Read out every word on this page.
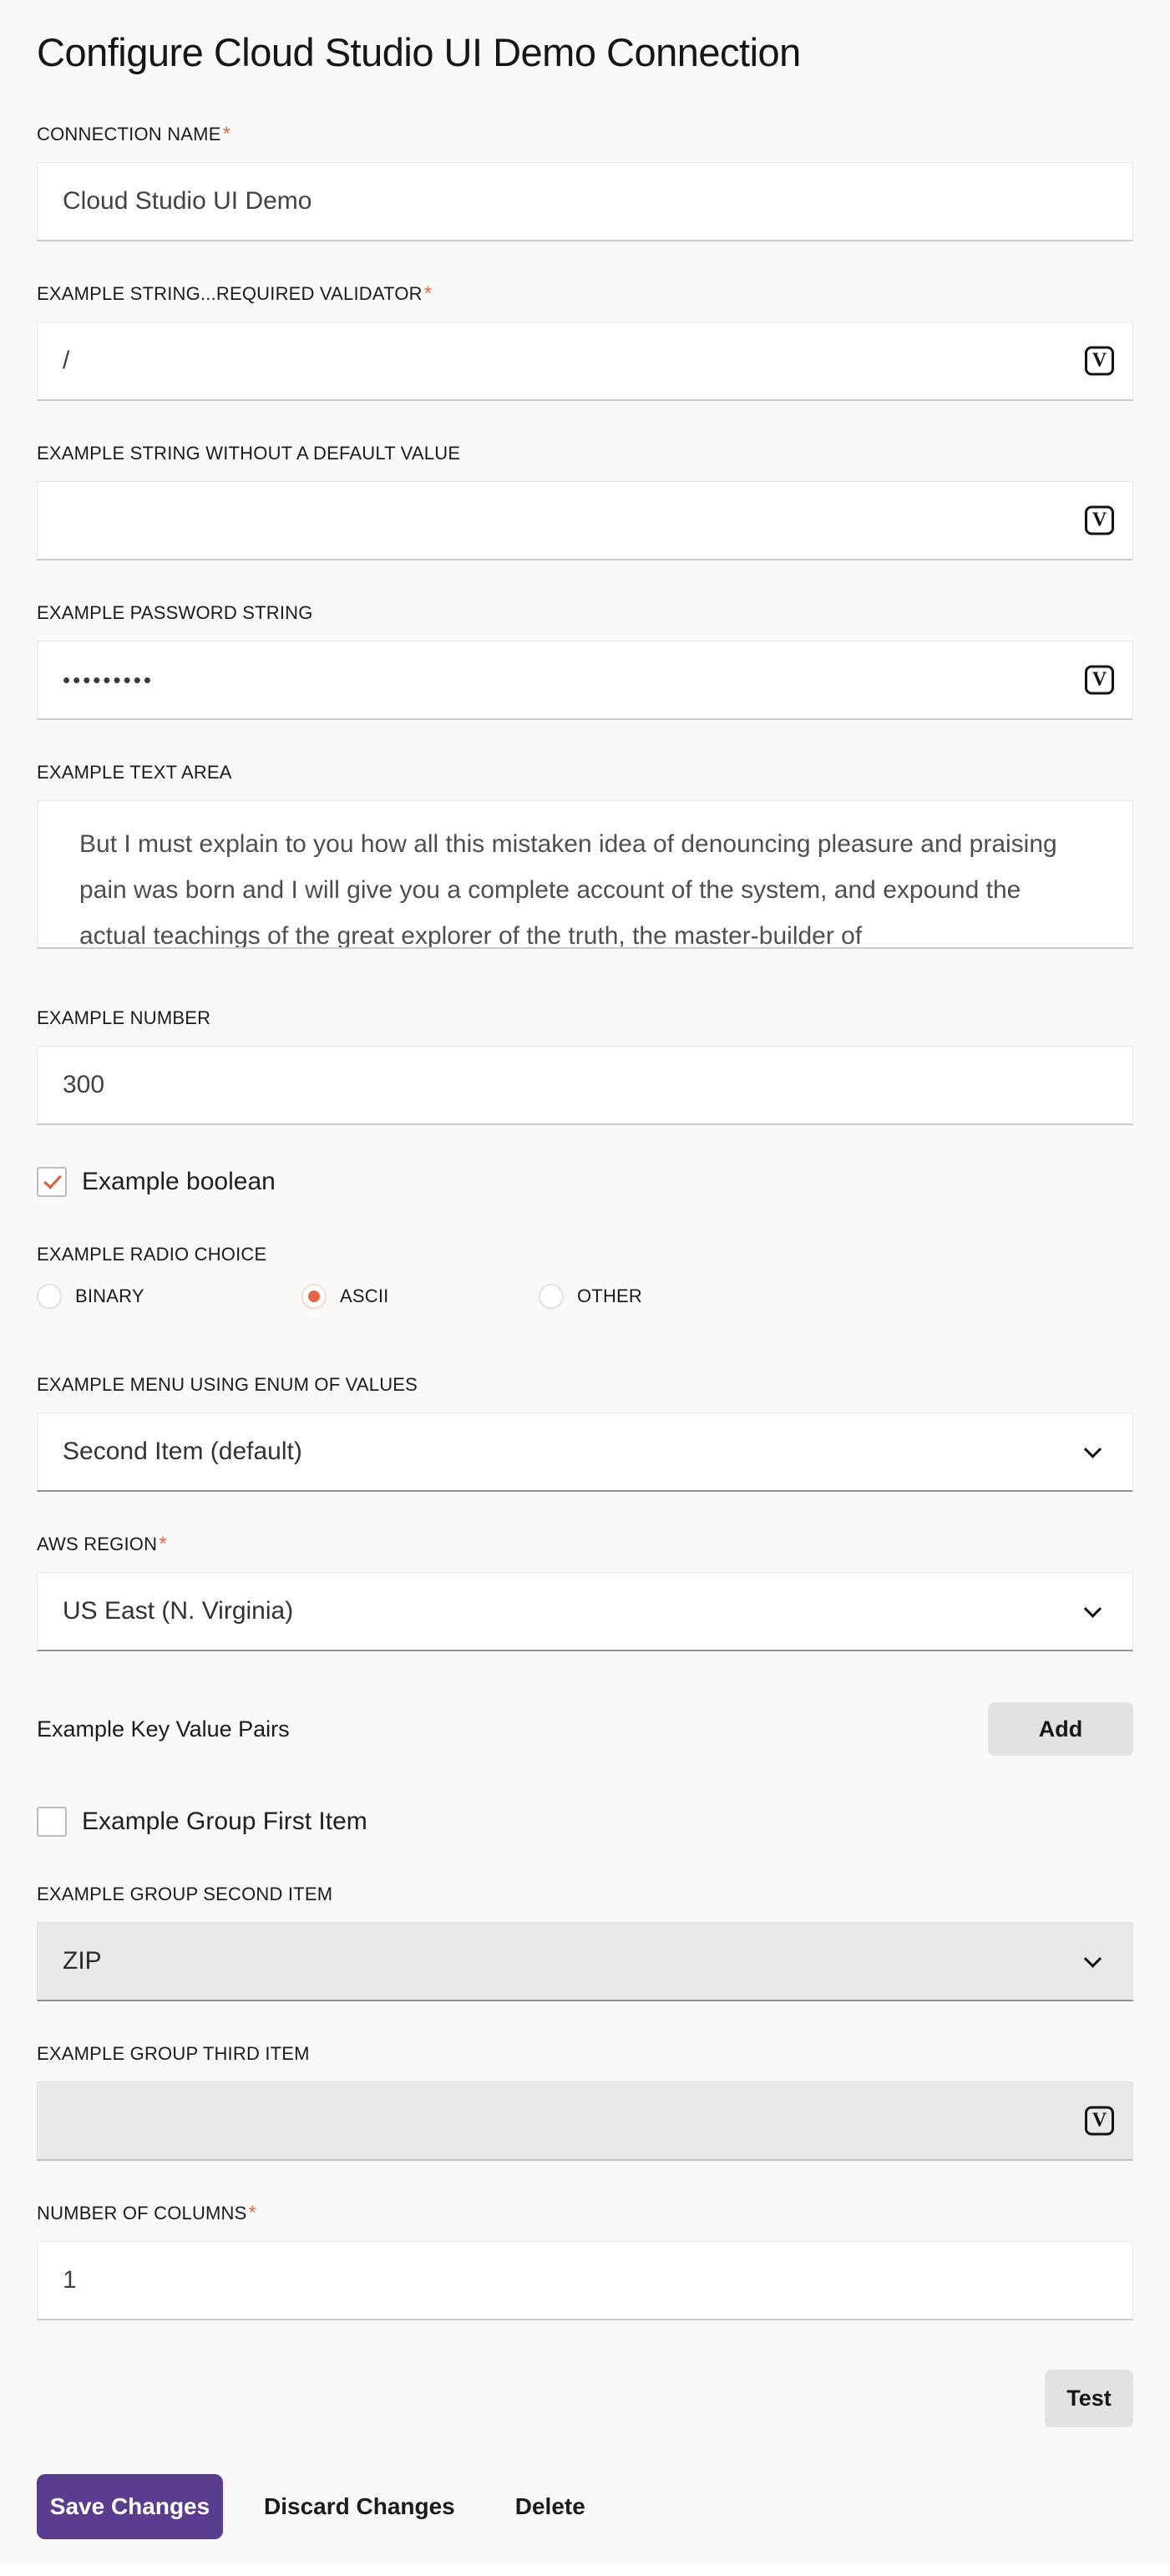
Configure Cloud Studio UI Demo Connection
CONNECTION NAME *
Cloud Studio UI Demo
EXAMPLE STRING...REQUIRED VALIDATOR *
/
V
EXAMPLE STRING WITHOUT A DEFAULT VALUE
V
EXAMPLE PASSWORD STRING
•••••••••
V
EXAMPLE TEXT AREA
But I must explain to you how all this mistaken idea of denouncing pleasure and praising pain was born and I will give you a complete account of the system, and expound the actual teachings of the great explorer of the truth, the master-builder of
EXAMPLE NUMBER
300
Example boolean
EXAMPLE RADIO CHOICE
BINARY	ASCII	OTHER
EXAMPLE MENU USING ENUM OF VALUES
Second Item (default)
AWS REGION *
US East (N. Virginia)
Example Key Value Pairs	Add
Example Group First Item
EXAMPLE GROUP SECOND ITEM
ZIP
EXAMPLE GROUP THIRD ITEM
V
NUMBER OF COLUMNS *
1
Test
Save Changes	Discard Changes	Delete
